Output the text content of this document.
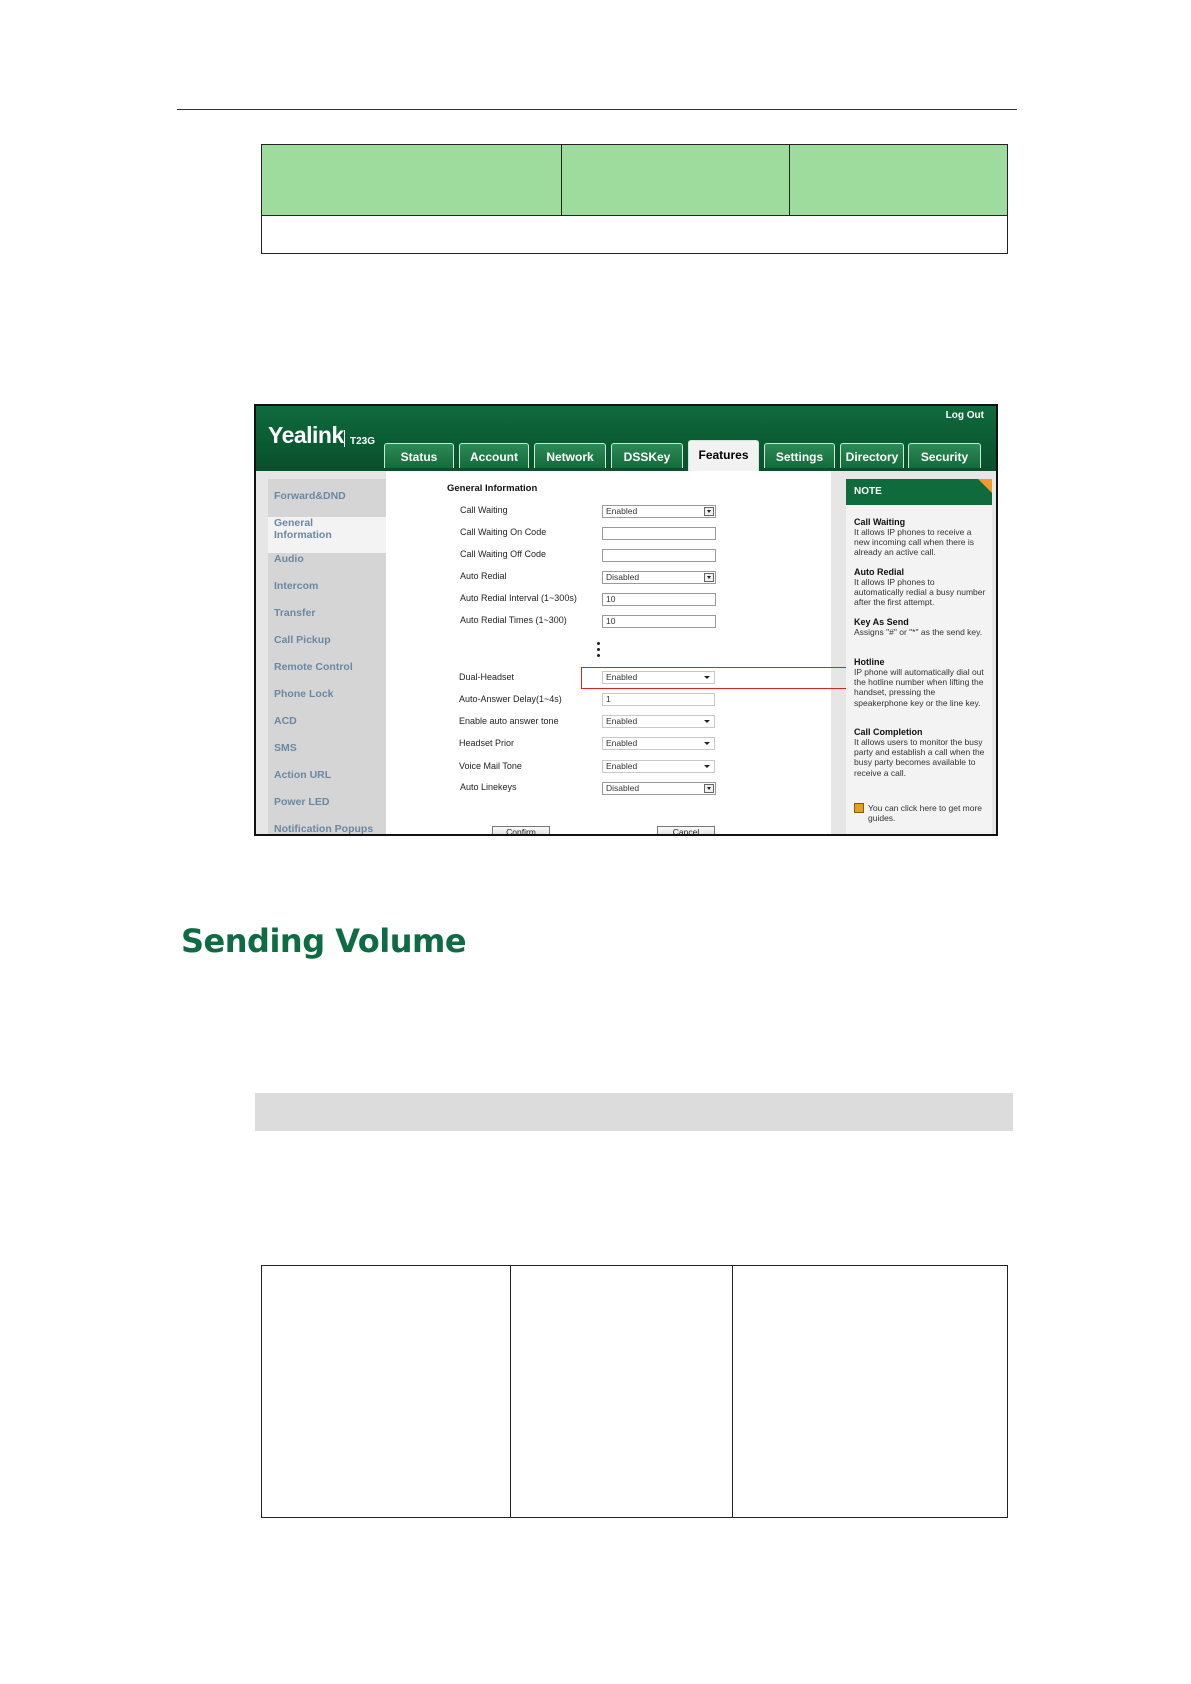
Yealink T23G
Log Out
Status	Account	Network	DSSKey	Features	Settings	Directory	Security
Forward&DND
General Information
Audio
Intercom
Transfer
Call Pickup
Remote Control
Phone Lock
ACD
SMS
Action URL
Power LED
Notification Popups
General Information
Call Waiting	Enabled
Call Waiting On Code
Call Waiting Off Code
Auto Redial	Disabled
Auto Redial Interval (1~300s)	10
Auto Redial Times (1~300)	10
Dual-Headset	Enabled
Auto-Answer Delay(1~4s)	1
Enable auto answer tone	Enabled
Headset Prior	Enabled
Voice Mail Tone	Enabled
Auto Linekeys	Disabled
Confirm	Cancel
NOTE
Call Waiting
It allows IP phones to receive a new incoming call when there is already an active call.
Auto Redial
It allows IP phones to automatically redial a busy number after the first attempt.
Key As Send
Assigns "#" or "*" as the send key.
Hotline
IP phone will automatically dial out the hotline number when lifting the handset, pressing the speakerphone key or the line key.
Call Completion
It allows users to monitor the busy party and establish a call when the busy party becomes available to receive a call.
You can click here to get more guides.
Sending Volume
